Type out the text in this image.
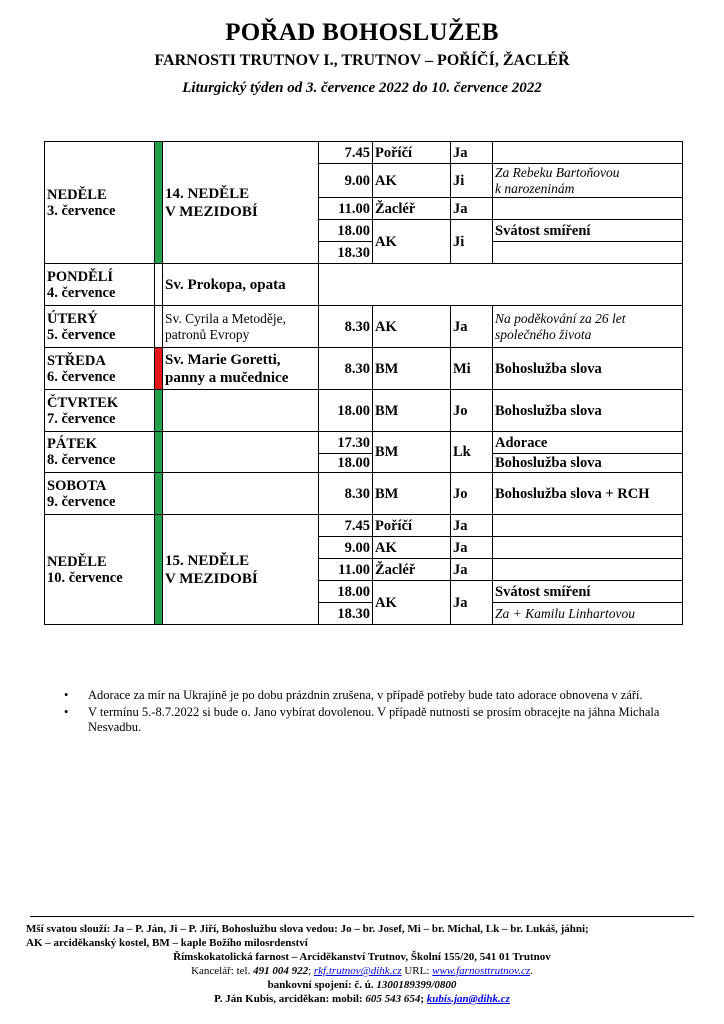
POŘAD BOHOSLUŽEB
FARNOSTI TRUTNOV I., TRUTNOV – POŘÍČÍ, ŽACLÉŘ
Liturgický týden od 3. července 2022 do 10. července 2022
NEDĚLE
3. července		14. NEDĚLE
V MEZIDOBÍ	7.45	Poříčí	Ja	
			9.00	AK	Ji	Za Rebeku Bartoňovou
k narozeninám

			11.00	Žacléř	Ja	
			18.00	AK	Ji	Svátost smíření
			18.30			

PONDĚLÍ
4. července		Sv. Prokopa, opata				

ÚTERÝ
5. července		Sv. Cyrila a Metoděje,
patronů Evropy	8.30	AK	Ja	Na poděkování za 26 let
společného života

STŘEDA
6. července		Sv. Marie Goretti,
panny a mučednice	8.30	BM	Mi	Bohoslužba slova

ČTVRTEK
7. července			18.00	BM	Jo	Bohoslužba slova

PÁTEK
8. července			17.30	BM	Lk	Adorace
			18.00			Bohoslužba slova

SOBOTA
9. července			8.30	BM	Jo	Bohoslužba slova + RCH

NEDĚLE
10. července		15. NEDĚLE
V MEZIDOBÍ	7.45	Poříčí	Ja	
			9.00	AK	Ja	
			11.00	Žacléř	Ja	
			18.00	AK	Ja	Svátost smíření
			18.30			Za + Kamilu Linhartovou
• Adorace za mír na Ukrajině je po dobu prázdnin zrušena, v případě potřeby bude tato adorace obnovena v září.
• V termínu 5.-8.7.2022 si bude o. Jano vybírat dovolenou. V případě nutnosti se prosím obracejte na jáhna Michala Nesvadbu.
Mší svatou slouží: Ja – P. Ján, Ji – P. Jiří, Bohoslužbu slova vedou: Jo – br. Josef, Mi – br. Michal, Lk – br. Lukáš, jáhni;
AK – arciděkanský kostel, BM – kaple Božího milosrdenství
Římskokatolická farnost – Arciděkanství Trutnov, Školní 155/20, 541 01 Trutnov
Kancelář: tel. 491 004 922; rkf.trutnov@dihk.cz URL: www.farnosttrutnov.cz.
bankovní spojení: č. ú. 1300189399/0800
P. Ján Kubis, arciděkan: mobil: 605 543 654; kubis.jan@dihk.cz
